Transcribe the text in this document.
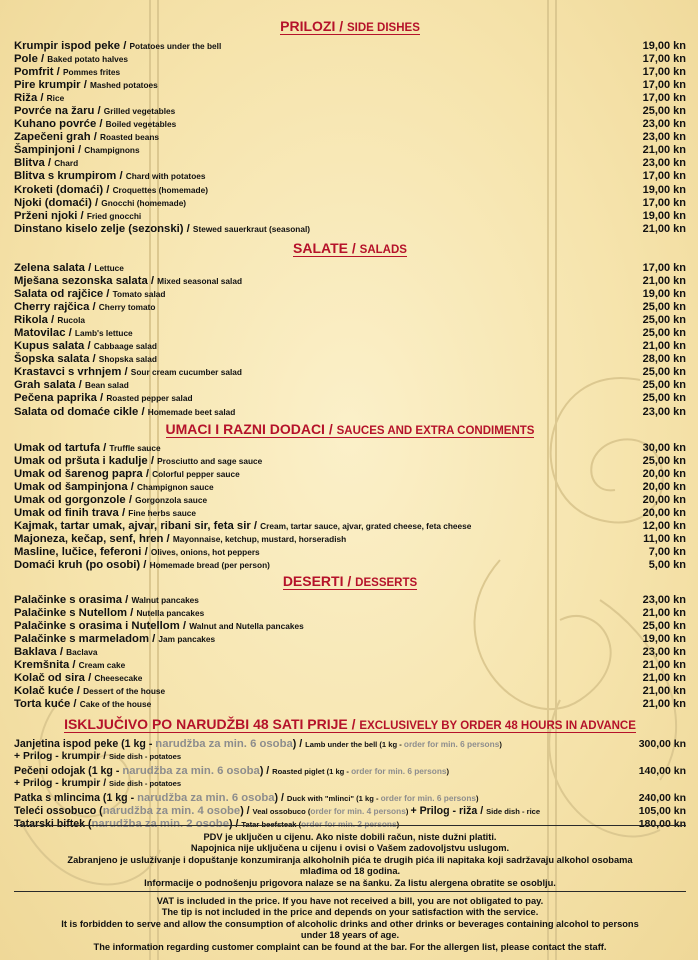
PRILOZI / SIDE DISHES
Krumpir ispod peke / Potatoes under the bell	19,00 kn
Pole / Baked potato halves	17,00 kn
Pomfrit / Pommes frites	17,00 kn
Pire krumpir / Mashed potatoes	17,00 kn
Riža / Rice	17,00 kn
Povrće na žaru / Grilled vegetables	25,00 kn
Kuhano povrće / Boiled vegetables	23,00 kn
Zapečeni grah / Roasted beans	23,00 kn
Šampinjoni / Champignons	21,00 kn
Blitva / Chard	23,00 kn
Blitva s krumpirom / Chard with potatoes	17,00 kn
Kroketi (domaći) / Croquettes (homemade)	19,00 kn
Njoki (domaći) / Gnocchi (homemade)	17,00 kn
Prženi njoki / Fried gnocchi	19,00 kn
Dinstano kiselo zelje (sezonski) / Stewed sauerkraut (seasonal)	21,00 kn
SALATE / SALADS
Zelena salata / Lettuce	17,00 kn
Mješana sezonska salata / Mixed seasonal salad	21,00 kn
Salata od rajčice / Tomato salad	19,00 kn
Cherry rajčica / Cherry tomato	25,00 kn
Rikola / Rucola	25,00 kn
Matovilac / Lamb's lettuce	25,00 kn
Kupus salata / Cabbaage salad	21,00 kn
Šopska salata / Shopska salad	28,00 kn
Krastavci s vrhnjem / Sour cream cucumber salad	25,00 kn
Grah salata / Bean salad	25,00 kn
Pečena paprika / Roasted pepper salad	25,00 kn
Salata od domaće cikle / Homemade beet salad	23,00 kn
UMACI I RAZNI DODACI / SAUCES AND EXTRA CONDIMENTS
Umak od tartufa / Truffle sauce	30,00 kn
Umak od pršuta i kadulje / Prosciutto and sage sauce	25,00 kn
Umak od šarenog papra / Colorful pepper sauce	20,00 kn
Umak od šampinjona / Champignon sauce	20,00 kn
Umak od gorgonzole / Gorgonzola sauce	20,00 kn
Umak od finih trava / Fine herbs sauce	20,00 kn
Kajmak, tartar umak, ajvar, ribani sir, feta sir / Cream, tartar sauce, ajvar, grated cheese, feta cheese	12,00 kn
Majoneza, kečap, senf, hren / Mayonnaise, ketchup, mustard, horseradish	11,00 kn
Masline, lučice, feferoni / Olives, onions, hot peppers	7,00 kn
Domaći kruh (po osobi) / Homemade bread (per person)	5,00 kn
DESERTI / DESSERTS
Palačinke s orasima / Walnut pancakes	23,00 kn
Palačinke s Nutellom / Nutella pancakes	21,00 kn
Palačinke s orasima i Nutellom / Walnut and Nutella pancakes	25,00 kn
Palačinke s marmeladom / Jam pancakes	19,00 kn
Baklava / Baclava	23,00 kn
Kremšnita / Cream cake	21,00 kn
Kolač od sira / Cheesecake	21,00 kn
Kolač kuće / Dessert of the house	21,00 kn
Torta kuće / Cake of the house	21,00 kn
ISKLJUČIVO PO NARUDŽBI 48 SATI PRIJE / EXCLUSIVELY BY ORDER 48 HOURS IN ADVANCE
Janjetina ispod peke (1 kg - narudžba za min. 6 osoba) / Lamb under the bell (1 kg - order for min. 6 persons)	300,00 kn
+ Prilog - krumpir / Side dish - potatoes
Pečeni odojak (1 kg - narudžba za min. 6 osoba) / Roasted piglet (1 kg - order for min. 6 persons)	140,00 kn
+ Prilog - krumpir / Side dish - potatoes
Patka s mlincima (1 kg - narudžba za min. 6 osoba) / Duck with "mlinci" (1 kg - order for min. 6 persons)	240,00 kn
Teleći ossobuco (narudžba za min. 4 osobe) / Veal ossobuco (order for min. 4 persons) + Prilog - riža / Side dish - rice	105,00 kn
Tatarski biftek (narudžba za min. 2 osobe) / Tatar beefsteak (order for min. 2 persons)	180,00 kn

PDV je uključen u cijenu. Ako niste dobili račun, niste dužni platiti.

Napojnica nije uključena u cijenu i ovisi o Vašem zadovoljstvu uslugom.

Zabranjeno je usluživanje i dopuštanje konzumiranja alkoholnih pića te drugih pića ili napitaka koji sadržavaju alkohol osobama

mlađima od 18 godina.

Informacije o podnošenju prigovora nalaze se na šanku. Za listu alergena obratite se osoblju.

VAT is included in the price. If you have not received a bill, you are not obligated to pay.

The tip is not included in the price and depends on your satisfaction with the service.

It is forbidden to serve and allow the consumption of alcoholic drinks and other drinks or beverages containing alcohol to persons

under 18 years of age.

The information regarding customer complaint can be found at the bar. For the allergen list, please contact the staff.
